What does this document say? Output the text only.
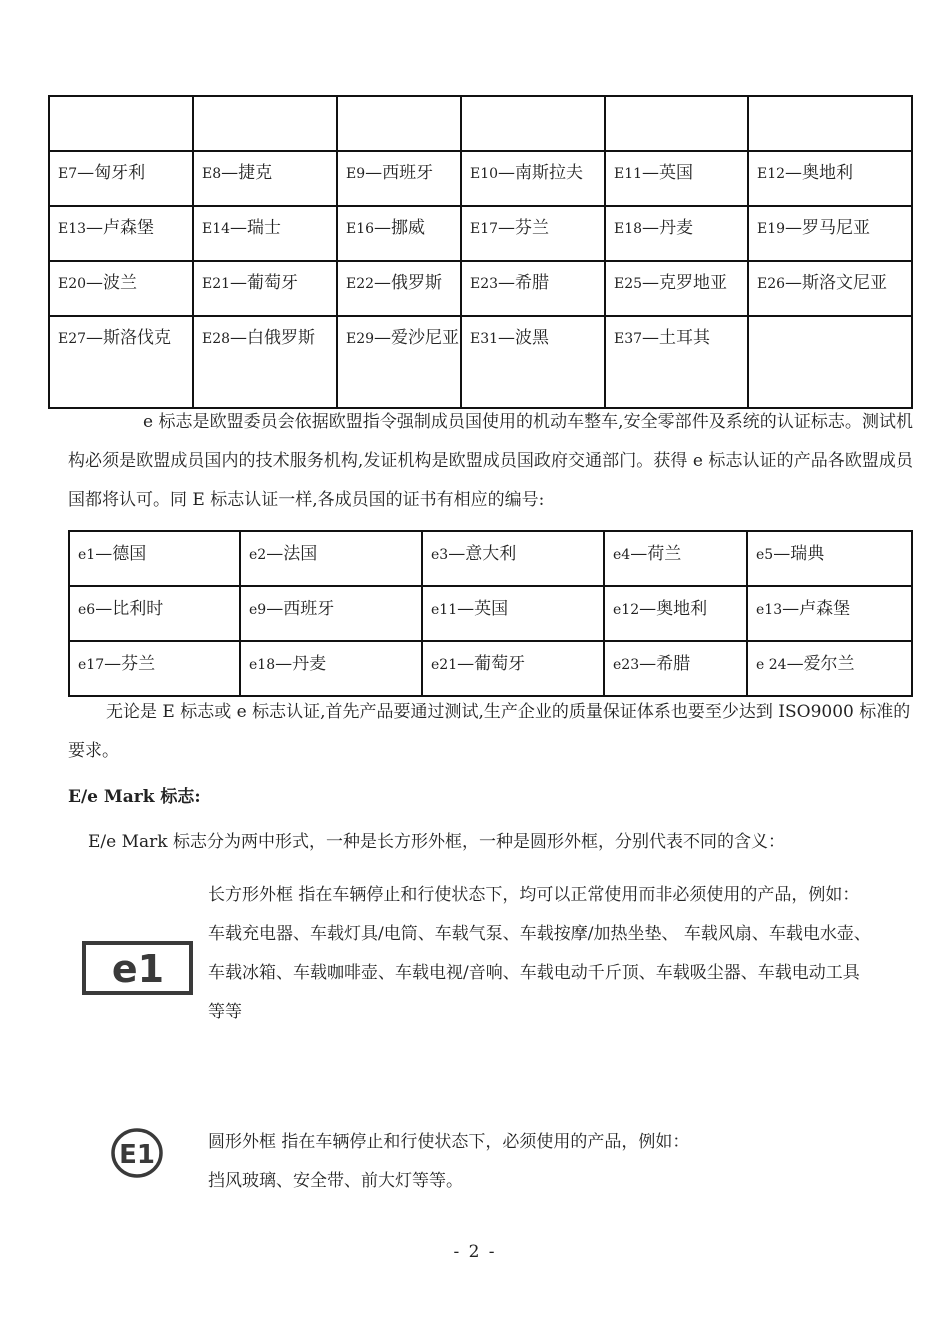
E7—匈牙利	E8—捷克	E9—西班牙	E10—南斯拉夫	E11—英国	E12—奥地利
E13—卢森堡	E14—瑞士	E16—挪威	E17—芬兰	E18—丹麦	E19—罗马尼亚
E20—波兰	E21—葡萄牙	E22—俄罗斯	E23—希腊	E25—克罗地亚	E26—斯洛文尼亚
E27—斯洛伐克	E28—白俄罗斯	E29—爱沙尼亚	E31—波黑	E37—土耳其	

e 标志是欧盟委员会依据欧盟指令强制成员国使用的机动车整车,安全零部件及系统的认证标志。测试机构必须是欧盟成员国内的技术服务机构,发证机构是欧盟成员国政府交通部门。获得 e 标志认证的产品各欧盟成员国都将认可。同 E 标志认证一样,各成员国的证书有相应的编号:

e1—德国	e2—法国	e3—意大利	e4—荷兰	e5—瑞典
e6—比利时	e9—西班牙	e11—英国	e12—奥地利	e13—卢森堡
e17—芬兰	e18—丹麦	e21—葡萄牙	e23—希腊	e 24—爱尔兰

无论是 E 标志或 e 标志认证,首先产品要通过测试,生产企业的质量保证体系也要至少达到 ISO9000 标准的要求。

E/e Mark 标志:
E/e Mark 标志分为两中形式，一种是长方形外框，一种是圆形外框，分别代表不同的含义：
e1
长方形外框 指在车辆停止和行使状态下，均可以正常使用而非必须使用的产品，例如：
车载充电器、车载灯具/电筒、车载气泵、车载按摩/加热坐垫、 车载风扇、车载电水壶、车载冰箱、车载咖啡壶、车载电视/音响、车载电动千斤顶、车载吸尘器、车载电动工具等等
E1	圆形外框 指在车辆停止和行使状态下，必须使用的产品，例如：
挡风玻璃、安全带、前大灯等等。
- 2 -
